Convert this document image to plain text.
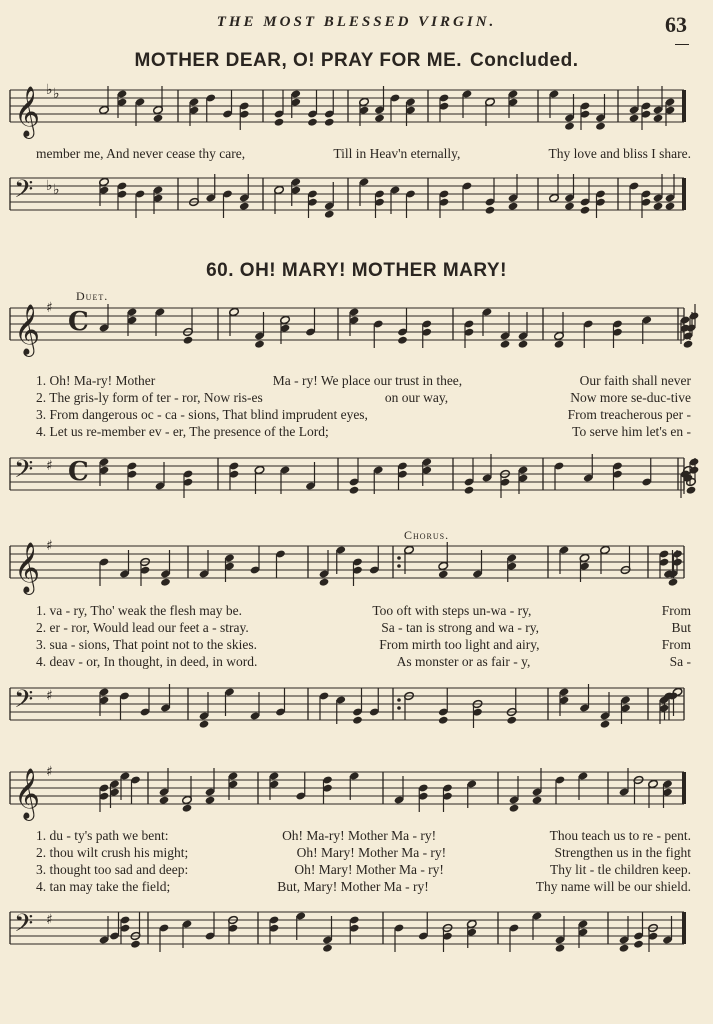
THE MOST BLESSED VIRGIN.	63
MOTHER DEAR, O! PRAY FOR ME. Concluded.
𝄞 ♭ ♭
member me, And never cease thy care,	Till in Heav'n eternally,	Thy love and bliss I share.
𝄢 ♭ ♭
60. OH! MARY! MOTHER MARY!
Duet.
𝄞 ♯ C
1. Oh! Ma-ry! Mother	Ma - ry! We place our trust in thee,	Our faith shall never
2. The gris-ly form of ter - ror, Now ris-es	on our way,	Now more se-duc-tive
3. From dangerous oc - ca - sions, That blind imprudent eyes,	From treacherous per -
4. Let us re-member ev - er, The presence of the Lord;	To serve him let's en -
𝄢 ♯ C
Chorus.
𝄞 ♯
1. va - ry, Tho' weak the flesh may be.	Too oft with steps un-wa - ry,	From
2. er - ror, Would lead our feet a - stray.	Sa - tan is strong and wa - ry,	But
3. sua - sions, That point not to the skies.	From mirth too light and airy,	From
4. deav - or, In thought, in deed, in word.	As monster or as fair - y,	Sa -
𝄢 ♯
𝄞 ♯
1. du - ty's path we bent:	Oh! Ma-ry! Mother Ma - ry!	Thou teach us to re - pent.
2. thou wilt crush his might;	Oh! Mary! Mother Ma - ry!	Strengthen us in the fight
3. thought too sad and deep:	Oh! Mary! Mother Ma - ry!	Thy lit - tle children keep.
4. tan may take the field;	But, Mary! Mother Ma - ry!	Thy name will be our shield.
𝄢 ♯
